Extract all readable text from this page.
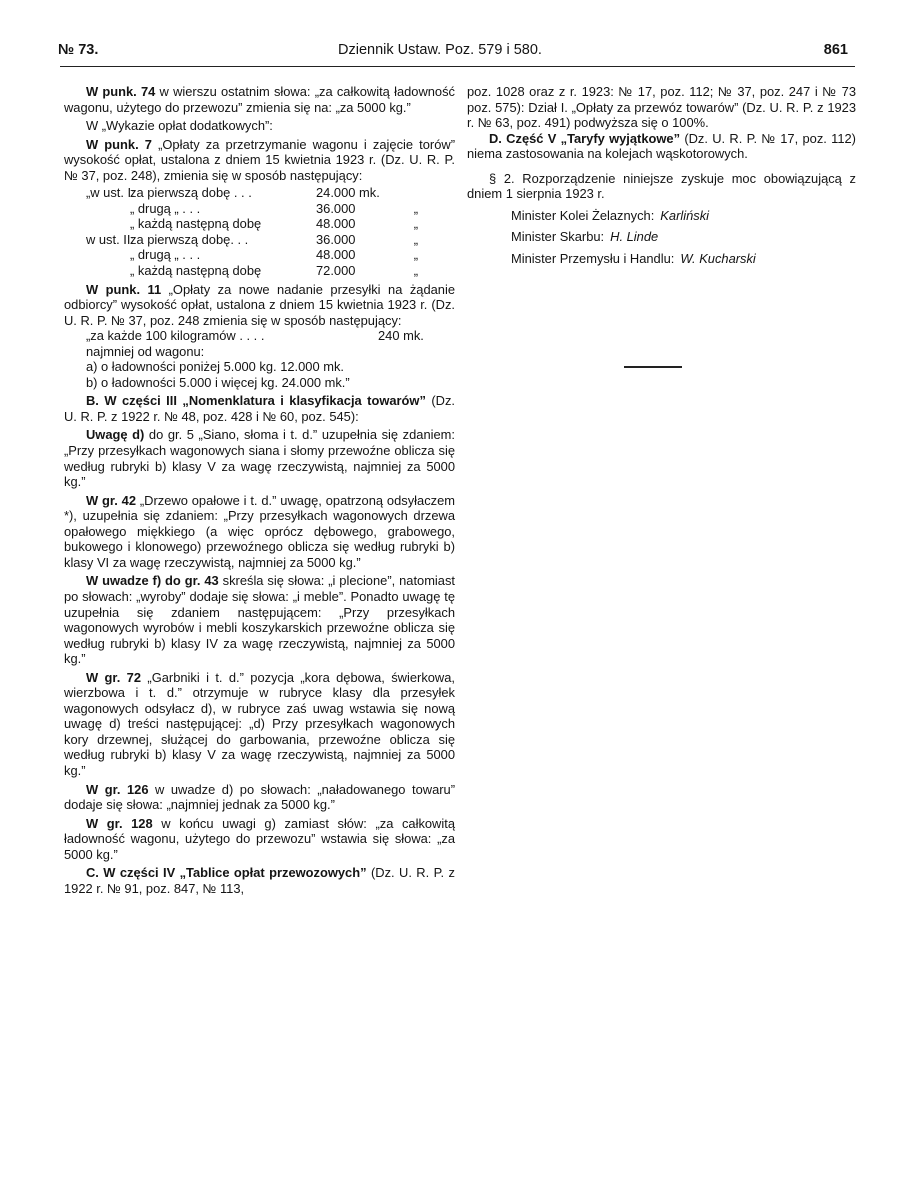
№ 73.	Dziennik Ustaw. Poz. 579 i 580.	861

W punk. 74 w wierszu ostatnim słowa: „za całkowitą ładowność wagonu, użytego do przewozu” zmienia się na: „za 5000 kg.”

W „Wykazie opłat dodatkowych”:

W punk. 7 „Opłaty za przetrzymanie wagonu i zajęcie torów” wysokość opłat, ustalona z dniem 15 kwietnia 1923 r. (Dz. U. R. P. № 37, poz. 248), zmienia się w sposób następujący:

„w ust. I:
za pierwszą dobę . . .	24.000 mk.
„ drugą „ . . .	36.000	„
„ każdą następną dobę	48.000	„
w ust. II:
za pierwszą dobę. . .	36.000	„
„ drugą „ . . .	48.000	„
„ każdą następną dobę	72.000	„

W punk. 11 „Opłaty za nowe nadanie przesyłki na żądanie odbiorcy” wysokość opłat, ustalona z dniem 15 kwietnia 1923 r. (Dz. U. R. P. № 37, poz. 248 zmienia się w sposób następujący:

„za każde 100 kilogramów . . . .	240 mk.
najmniej od wagonu:
a) o ładowności poniżej 5.000 kg. 12.000 mk.
b) o ładowności 5.000 i więcej kg. 24.000 mk.”

B. W części III „Nomenklatura i klasyfikacja towarów” (Dz. U. R. P. z 1922 r. № 48, poz. 428 i № 60, poz. 545):

Uwagę d) do gr. 5 „Siano, słoma i t. d.” uzupełnia się zdaniem: „Przy przesyłkach wagonowych siana i słomy przewoźne oblicza się według rubryki b) klasy V za wagę rzeczywistą, najmniej za 5000 kg.”

W gr. 42 „Drzewo opałowe i t. d.” uwagę, opatrzoną odsyłaczem *), uzupełnia się zdaniem: „Przy przesyłkach wagonowych drzewa opałowego miękkiego (a więc oprócz dębowego, grabowego, bukowego i klonowego) przewoźnego oblicza się według rubryki b) klasy VI za wagę rzeczywistą, najmniej za 5000 kg.”

W uwadze f) do gr. 43 skreśla się słowa: „i plecione”, natomiast po słowach: „wyroby” dodaje się słowa: „i meble”. Ponadto uwagę tę uzupełnia się zdaniem następującem: „Przy przesyłkach wagonowych wyrobów i mebli koszykarskich przewoźne oblicza się według rubryki b) klasy IV za wagę rzeczywistą, najmniej za 5000 kg.”

W gr. 72 „Garbniki i t. d.” pozycja „kora dębowa, świerkowa, wierzbowa i t. d.” otrzymuje w rubryce klasy dla przesyłek wagonowych odsyłacz d), w rubryce zaś uwag wstawia się nową uwagę d) treści następującej: „d) Przy przesyłkach wagonowych kory drzewnej, służącej do garbowania, przewoźne oblicza się według rubryki b) klasy V za wagę rzeczywistą, najmniej za 5000 kg.”

W gr. 126 w uwadze d) po słowach: „naładowanego towaru” dodaje się słowa: „najmniej jednak za 5000 kg.”

W gr. 128 w końcu uwagi g) zamiast słów: „za całkowitą ładowność wagonu, użytego do przewozu” wstawia się słowa: „za 5000 kg.”

C. W części IV „Tablice opłat przewozowych” (Dz. U. R. P. z 1922 r. № 91, poz. 847, № 113,

poz. 1028 oraz z r. 1923: № 17, poz. 112; № 37, poz. 247 i № 73 poz. 575): Dział I. „Opłaty za przewóz towarów” (Dz. U. R. P. z 1923 r. № 63, poz. 491) podwyższa się o 100%.

D. Część V „Taryfy wyjątkowe” (Dz. U. R. P. № 17, poz. 112) niema zastosowania na kolejach wąskotorowych.

§ 2. Rozporządzenie niniejsze zyskuje moc obowiązującą z dniem 1 sierpnia 1923 r.

Minister Kolei Żelaznych: Karliński
Minister Skarbu: H. Linde
Minister Przemysłu i Handlu: W. Kucharski
